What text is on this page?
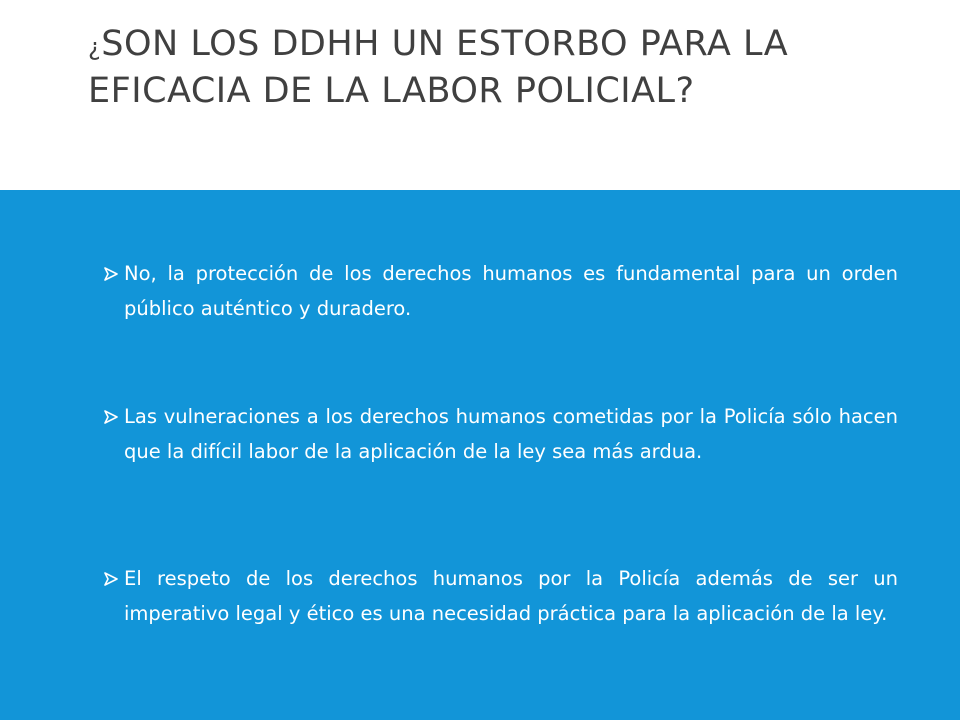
¿SON LOS DDHH UN ESTORBO PARA LA EFICACIA DE LA LABOR POLICIAL?
No, la protección de los derechos humanos es fundamental para un orden público auténtico y duradero.
Las vulneraciones a los derechos humanos cometidas por la Policía sólo hacen que la difícil labor de la aplicación de la ley sea más ardua.
El respeto de los derechos humanos por la Policía además de ser un imperativo legal y ético es una necesidad práctica para la aplicación de la ley.
